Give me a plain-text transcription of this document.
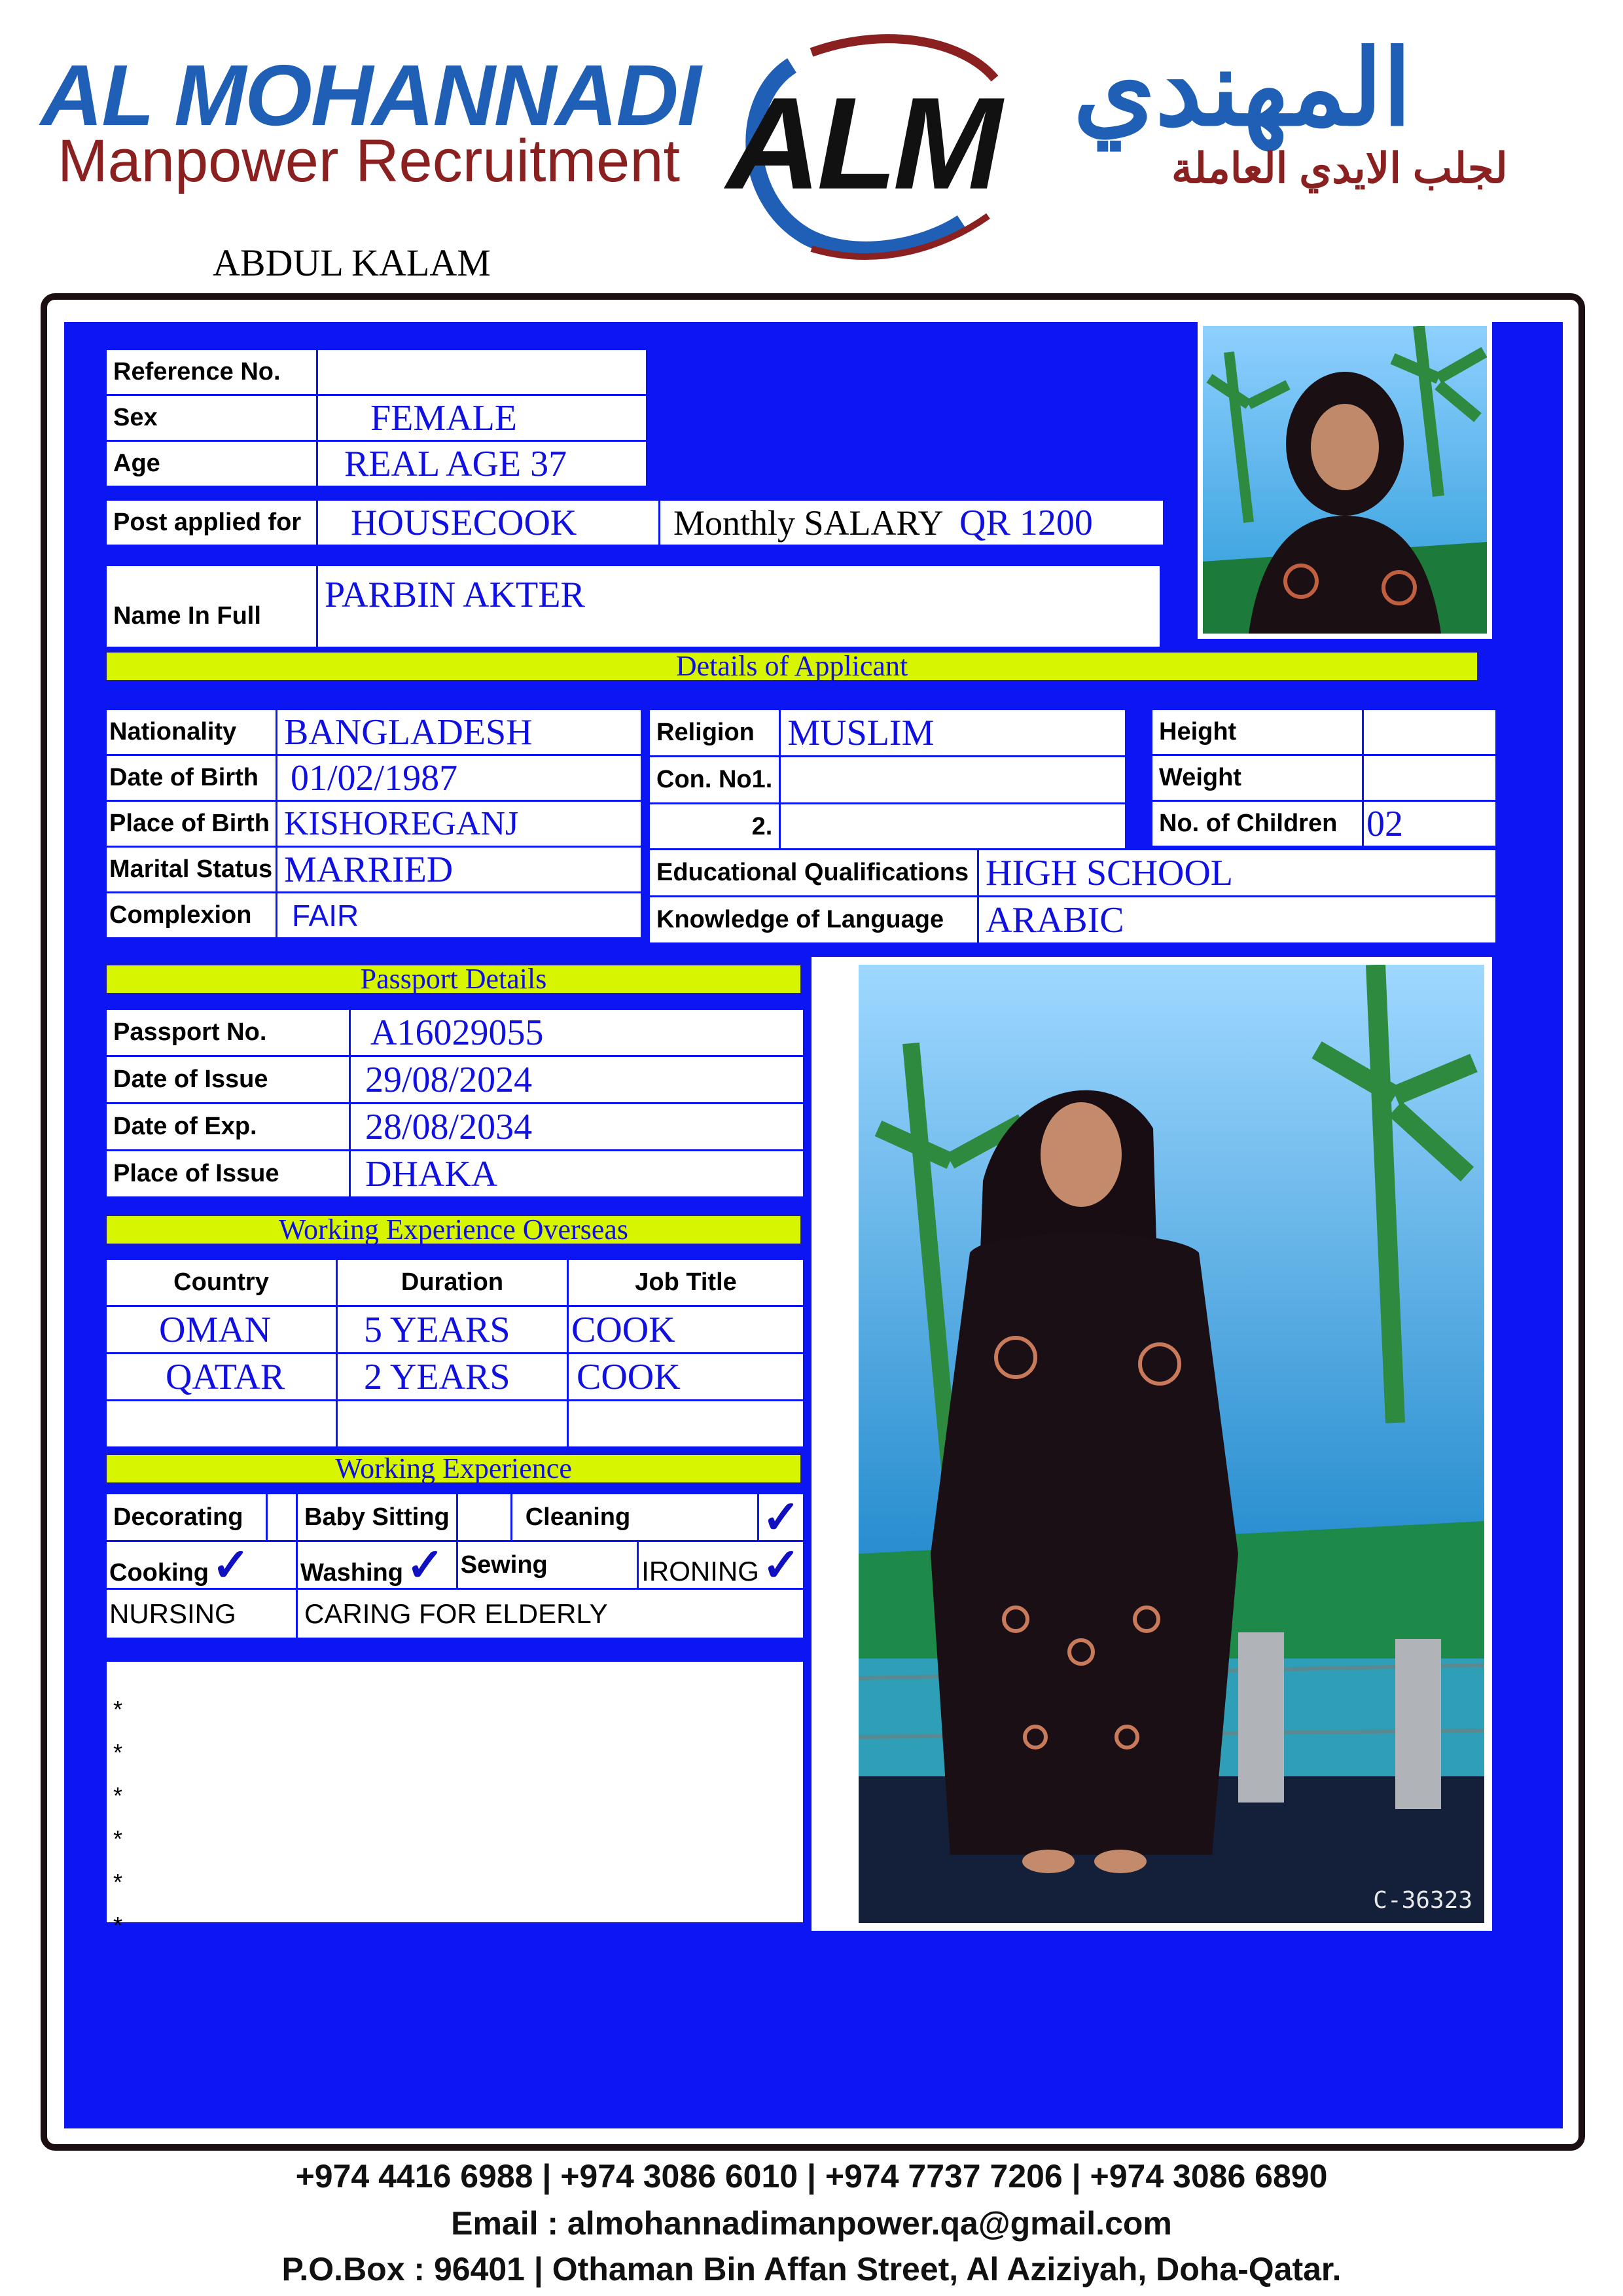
AL MOHANNADI
Manpower Recruitment ALM المهندي
لجلب الايدي العاملة
ABDUL KALAM
Reference No.	
Sex	FEMALE
Age	REAL AGE 37
Post applied for	HOUSECOOK	Monthly SALARY QR 1200
Name In Full	PARBIN AKTER
Details of Applicant
Nationality	BANGLADESH
Date of Birth	01/02/1987
Place of Birth	KISHOREGANJ
Marital Status	MARRIED
Complexion	FAIR
Religion	MUSLIM
Con. No1.	
2.	
Height	
Weight	
No. of Children	02
Educational Qualifications	HIGH SCHOOL
Knowledge of Language	ARABIC
Passport Details
Passport No.	A16029055
Date of Issue	29/08/2024
Date of Exp.	28/08/2034
Place of Issue	DHAKA
Working Experience Overseas
Country	Duration	Job Title
OMAN	5 YEARS	COOK
QATAR	2 YEARS	COOK

Working Experience
Decorating		Baby Sitting		Cleaning		✓
Cooking ✓		Washing ✓	Sewing		IRONING ✓	
NURSING		CARING FOR ELDERLY				
*
*
*
*
*
*
C-36323
+974 4416 6988 | +974 3086 6010 | +974 7737 7206 | +974 3086 6890
Email : almohannadimanpower.qa@gmail.com
P.O.Box : 96401 | Othaman Bin Affan Street, Al Aziziyah, Doha-Qatar.
